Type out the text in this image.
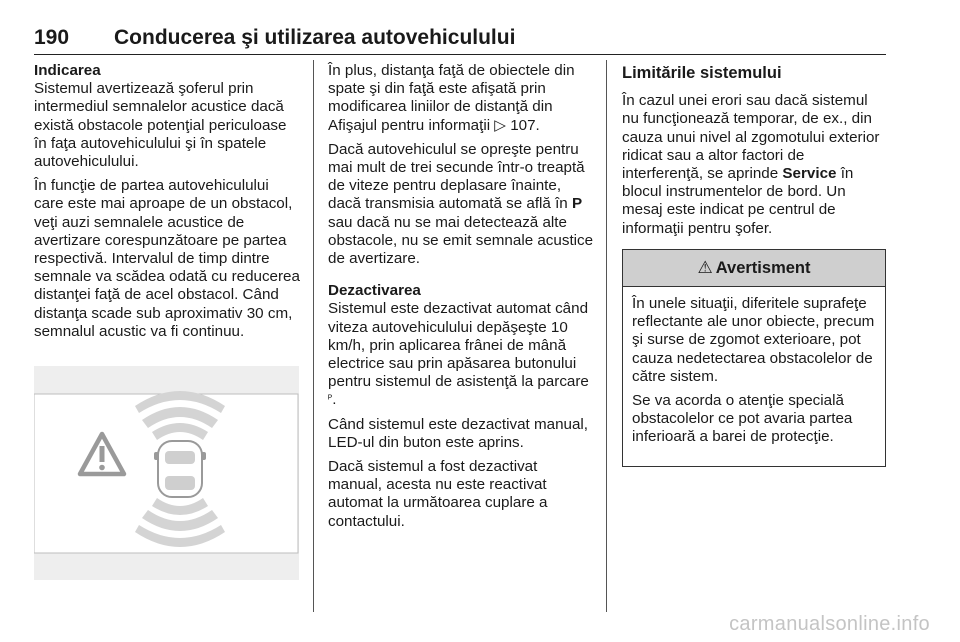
190 Conducerea şi utilizarea autovehiculului
Indicarea

Sistemul avertizează şoferul prin intermediul semnalelor acustice dacă există obstacole potenţial periculoase în faţa autovehiculului şi în spatele autovehiculului.

În funcţie de partea autovehiculului care este mai aproape de un obstacol, veţi auzi semnalele acustice de avertizare corespunzătoare pe partea respectivă. Intervalul de timp dintre semnale va scădea odată cu reducerea distanţei faţă de acel obstacol. Când distanţa scade sub aproximativ 30 cm, semnalul acustic va fi continuu.

În plus, distanţa faţă de obiectele din spate şi din faţă este afişată prin modificarea liniilor de distanţă din Afişajul pentru informaţii ▷ 107.

Dacă autovehiculul se opreşte pentru mai mult de trei secunde într-o treaptă de viteze pentru deplasare înainte, dacă transmisia automată se află în P sau dacă nu se mai detectează alte obstacole, nu se emit semnale acustice de avertizare.

Dezactivarea

Sistemul este dezactivat automat când viteza autovehiculului depăşeşte 10 km/h, prin aplicarea frânei de mână electrice sau prin apăsarea butonului pentru sistemul de asistenţă la parcare ᴾ.

Când sistemul este dezactivat manual, LED-ul din buton este aprins.

Dacă sistemul a fost dezactivat manual, acesta nu este reactivat automat la următoarea cuplare a contactului.

Limitările sistemului

În cazul unei erori sau dacă sistemul nu funcţionează temporar, de ex., din cauza unui nivel al zgomotului exterior ridicat sau a altor factori de interferenţă, se aprinde Service în blocul instrumentelor de bord. Un mesaj este indicat pe centrul de informaţii pentru şofer.

⚠ Avertisment

În unele situaţii, diferitele suprafeţe reflectante ale unor obiecte, precum şi surse de zgomot exterioare, pot cauza nedetectarea obstacolelor de către sistem.

Se va acorda o atenţie specială obstacolelor ce pot avaria partea inferioară a barei de protecţie.

carmanualsonline.info
